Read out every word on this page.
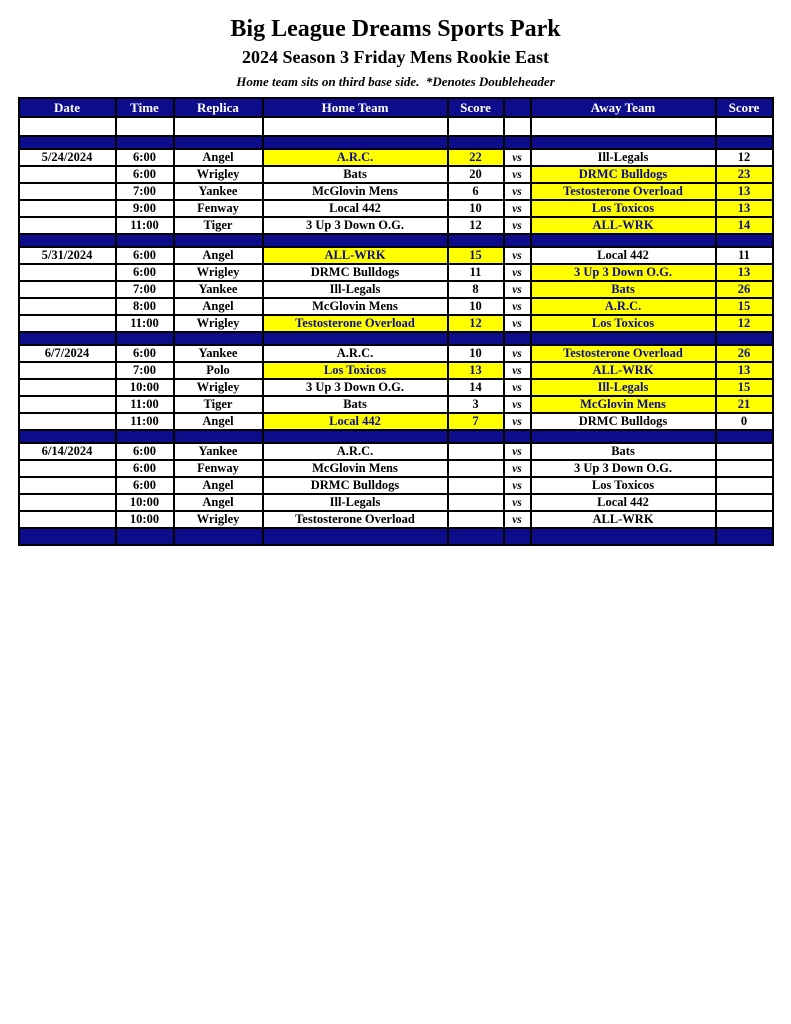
Big League Dreams Sports Park
2024 Season 3 Friday Mens Rookie East
Home team sits on third base side.  *Denotes Doubleheader
Date	Time	Replica	Home Team	Score		Away Team	Score

5/24/2024	6:00	Angel	A.R.C.	22	vs	Ill-Legals	12
	6:00	Wrigley	Bats	20	vs	DRMC Bulldogs	23
	7:00	Yankee	McGlovin Mens	6	vs	Testosterone Overload	13
	9:00	Fenway	Local 442	10	vs	Los Toxicos	13
	11:00	Tiger	3 Up 3 Down O.G.	12	vs	ALL-WRK	14

5/31/2024	6:00	Angel	ALL-WRK	15	vs	Local 442	11
	6:00	Wrigley	DRMC Bulldogs	11	vs	3 Up 3 Down O.G.	13
	7:00	Yankee	Ill-Legals	8	vs	Bats	26
	8:00	Angel	McGlovin Mens	10	vs	A.R.C.	15
	11:00	Wrigley	Testosterone Overload	12	vs	Los Toxicos	12

6/7/2024	6:00	Yankee	A.R.C.	10	vs	Testosterone Overload	26
	7:00	Polo	Los Toxicos	13	vs	ALL-WRK	13
	10:00	Wrigley	3 Up 3 Down O.G.	14	vs	Ill-Legals	15
	11:00	Tiger	Bats	3	vs	McGlovin Mens	21
	11:00	Angel	Local 442	7	vs	DRMC Bulldogs	0

6/14/2024	6:00	Yankee	A.R.C.		vs	Bats	
	6:00	Fenway	McGlovin Mens		vs	3 Up 3 Down O.G.	
	6:00	Angel	DRMC Bulldogs		vs	Los Toxicos	
	10:00	Angel	Ill-Legals		vs	Local 442	
	10:00	Wrigley	Testosterone Overload		vs	ALL-WRK	
